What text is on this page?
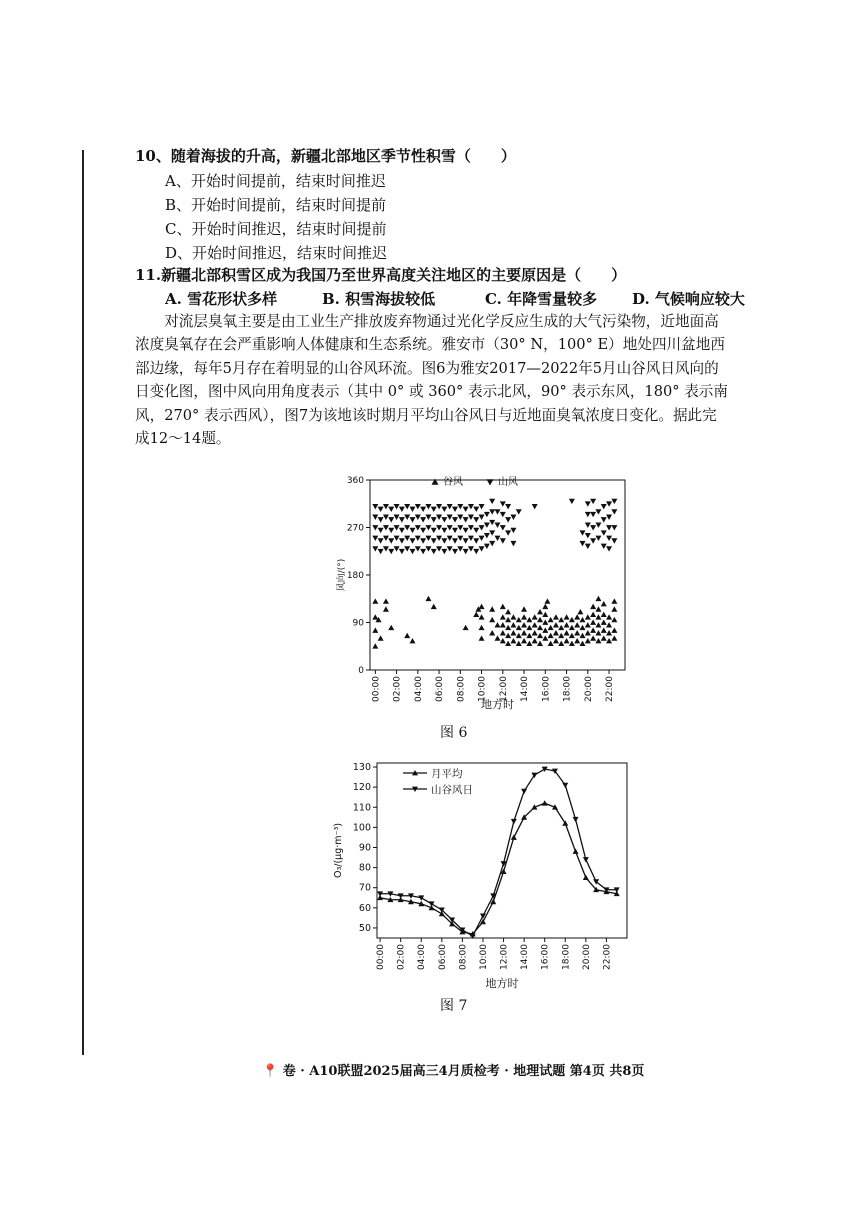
10、随着海拔的升高，新疆北部地区季节性积雪（　　）
A、开始时间提前，结束时间推迟
B、开始时间提前，结束时间提前
C、开始时间推迟，结束时间提前
D、开始时间推迟，结束时间推迟
11.新疆北部积雪区成为我国乃至世界高度关注地区的主要原因是（　　）
A. 雪花形状多样	B. 积雪海拔较低	C. 年降雪量较多 D. 气候响应较大

对流层臭氧主要是由工业生产排放废弃物通过光化学反应生成的大气污染物，近地面高

浓度臭氧存在会严重影响人体健康和生态系统。雅安市（30° N，100° E）地处四川盆地西

部边缘，每年5月存在着明显的山谷风环流。图6为雅安2017—2022年5月山谷风日风向的

日变化图，图中风向用角度表示（其中 0° 或 360° 表示北风，90° 表示东风，180° 表示南

风，270° 表示西风），图7为该地该时期月平均山谷风日与近地面臭氧浓度日变化。据此完

成12～14题。

0
90
180
270
360
00:00 02:00 04:00 06:00 08:00 10:00 12:00 14:00 16:00 18:00 20:00 22:00
风向/(°)
地方时
谷风	山风
图 6
50
60
70
80
90
100
110
120
130
00:00 02:00 04:00 06:00 08:00 10:00 12:00 14:00 16:00 18:00 20:00 22:00
O₃/(μg·m⁻³)
地方时
月平均
山谷风日
图 7
📍 卷 · A10联盟2025届高三4月质检考 · 地理试题 第4页 共8页
